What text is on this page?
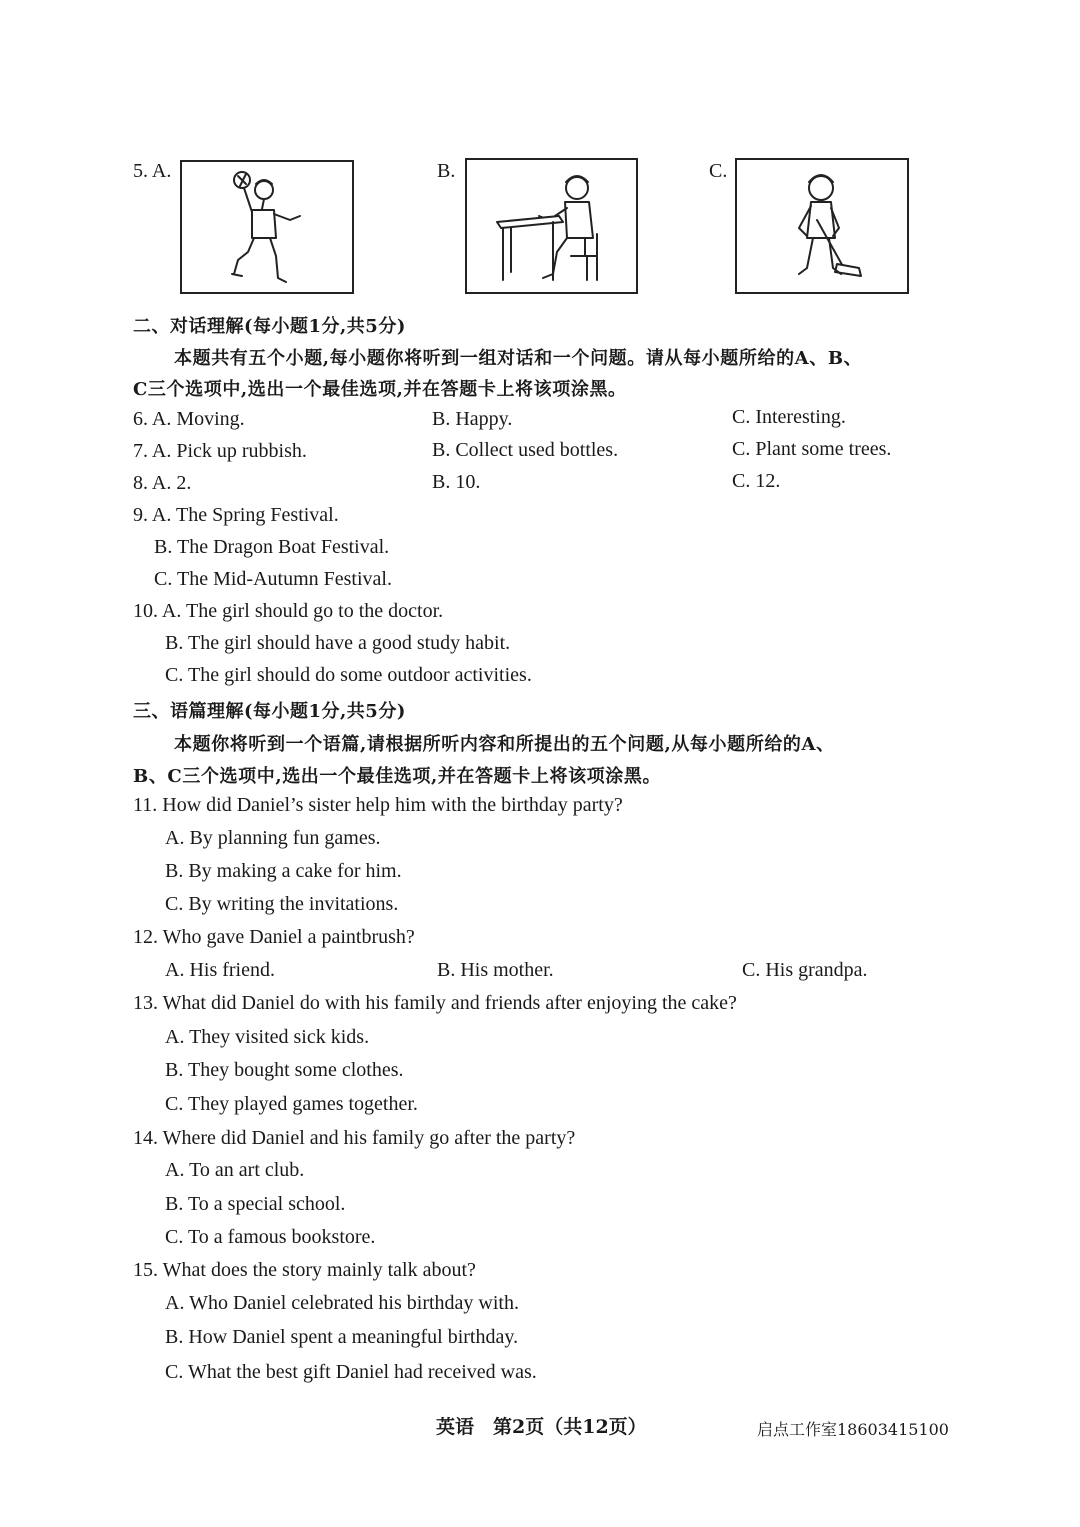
5. A.	B.	C.
二、对话理解(每小题1分,共5分)
本题共有五个小题,每小题你将听到一组对话和一个问题。请从每小题所给的A、B、
C三个选项中,选出一个最佳选项,并在答题卡上将该项涂黑。
6. A. Moving.	B. Happy.	C. Interesting.
7. A. Pick up rubbish.	B. Collect used bottles.	C. Plant some trees.
8. A. 2.	B. 10.	C. 12.
9. A. The Spring Festival.
B. The Dragon Boat Festival.
C. The Mid-Autumn Festival.
10. A. The girl should go to the doctor.
B. The girl should have a good study habit.
C. The girl should do some outdoor activities.
三、语篇理解(每小题1分,共5分)
本题你将听到一个语篇,请根据所听内容和所提出的五个问题,从每小题所给的A、
B、C三个选项中,选出一个最佳选项,并在答题卡上将该项涂黑。
11. How did Daniel’s sister help him with the birthday party?
A. By planning fun games.
B. By making a cake for him.
C. By writing the invitations.
12. Who gave Daniel a paintbrush?
A. His friend.	B. His mother.	C. His grandpa.
13. What did Daniel do with his family and friends after enjoying the cake?
A. They visited sick kids.
B. They bought some clothes.
C. They played games together.
14. Where did Daniel and his family go after the party?
A. To an art club.
B. To a special school.
C. To a famous bookstore.
15. What does the story mainly talk about?
A. Who Daniel celebrated his birthday with.
B. How Daniel spent a meaningful birthday.
C. What the best gift Daniel had received was.
英语　第2页（共12页）	启点工作室18603415100
